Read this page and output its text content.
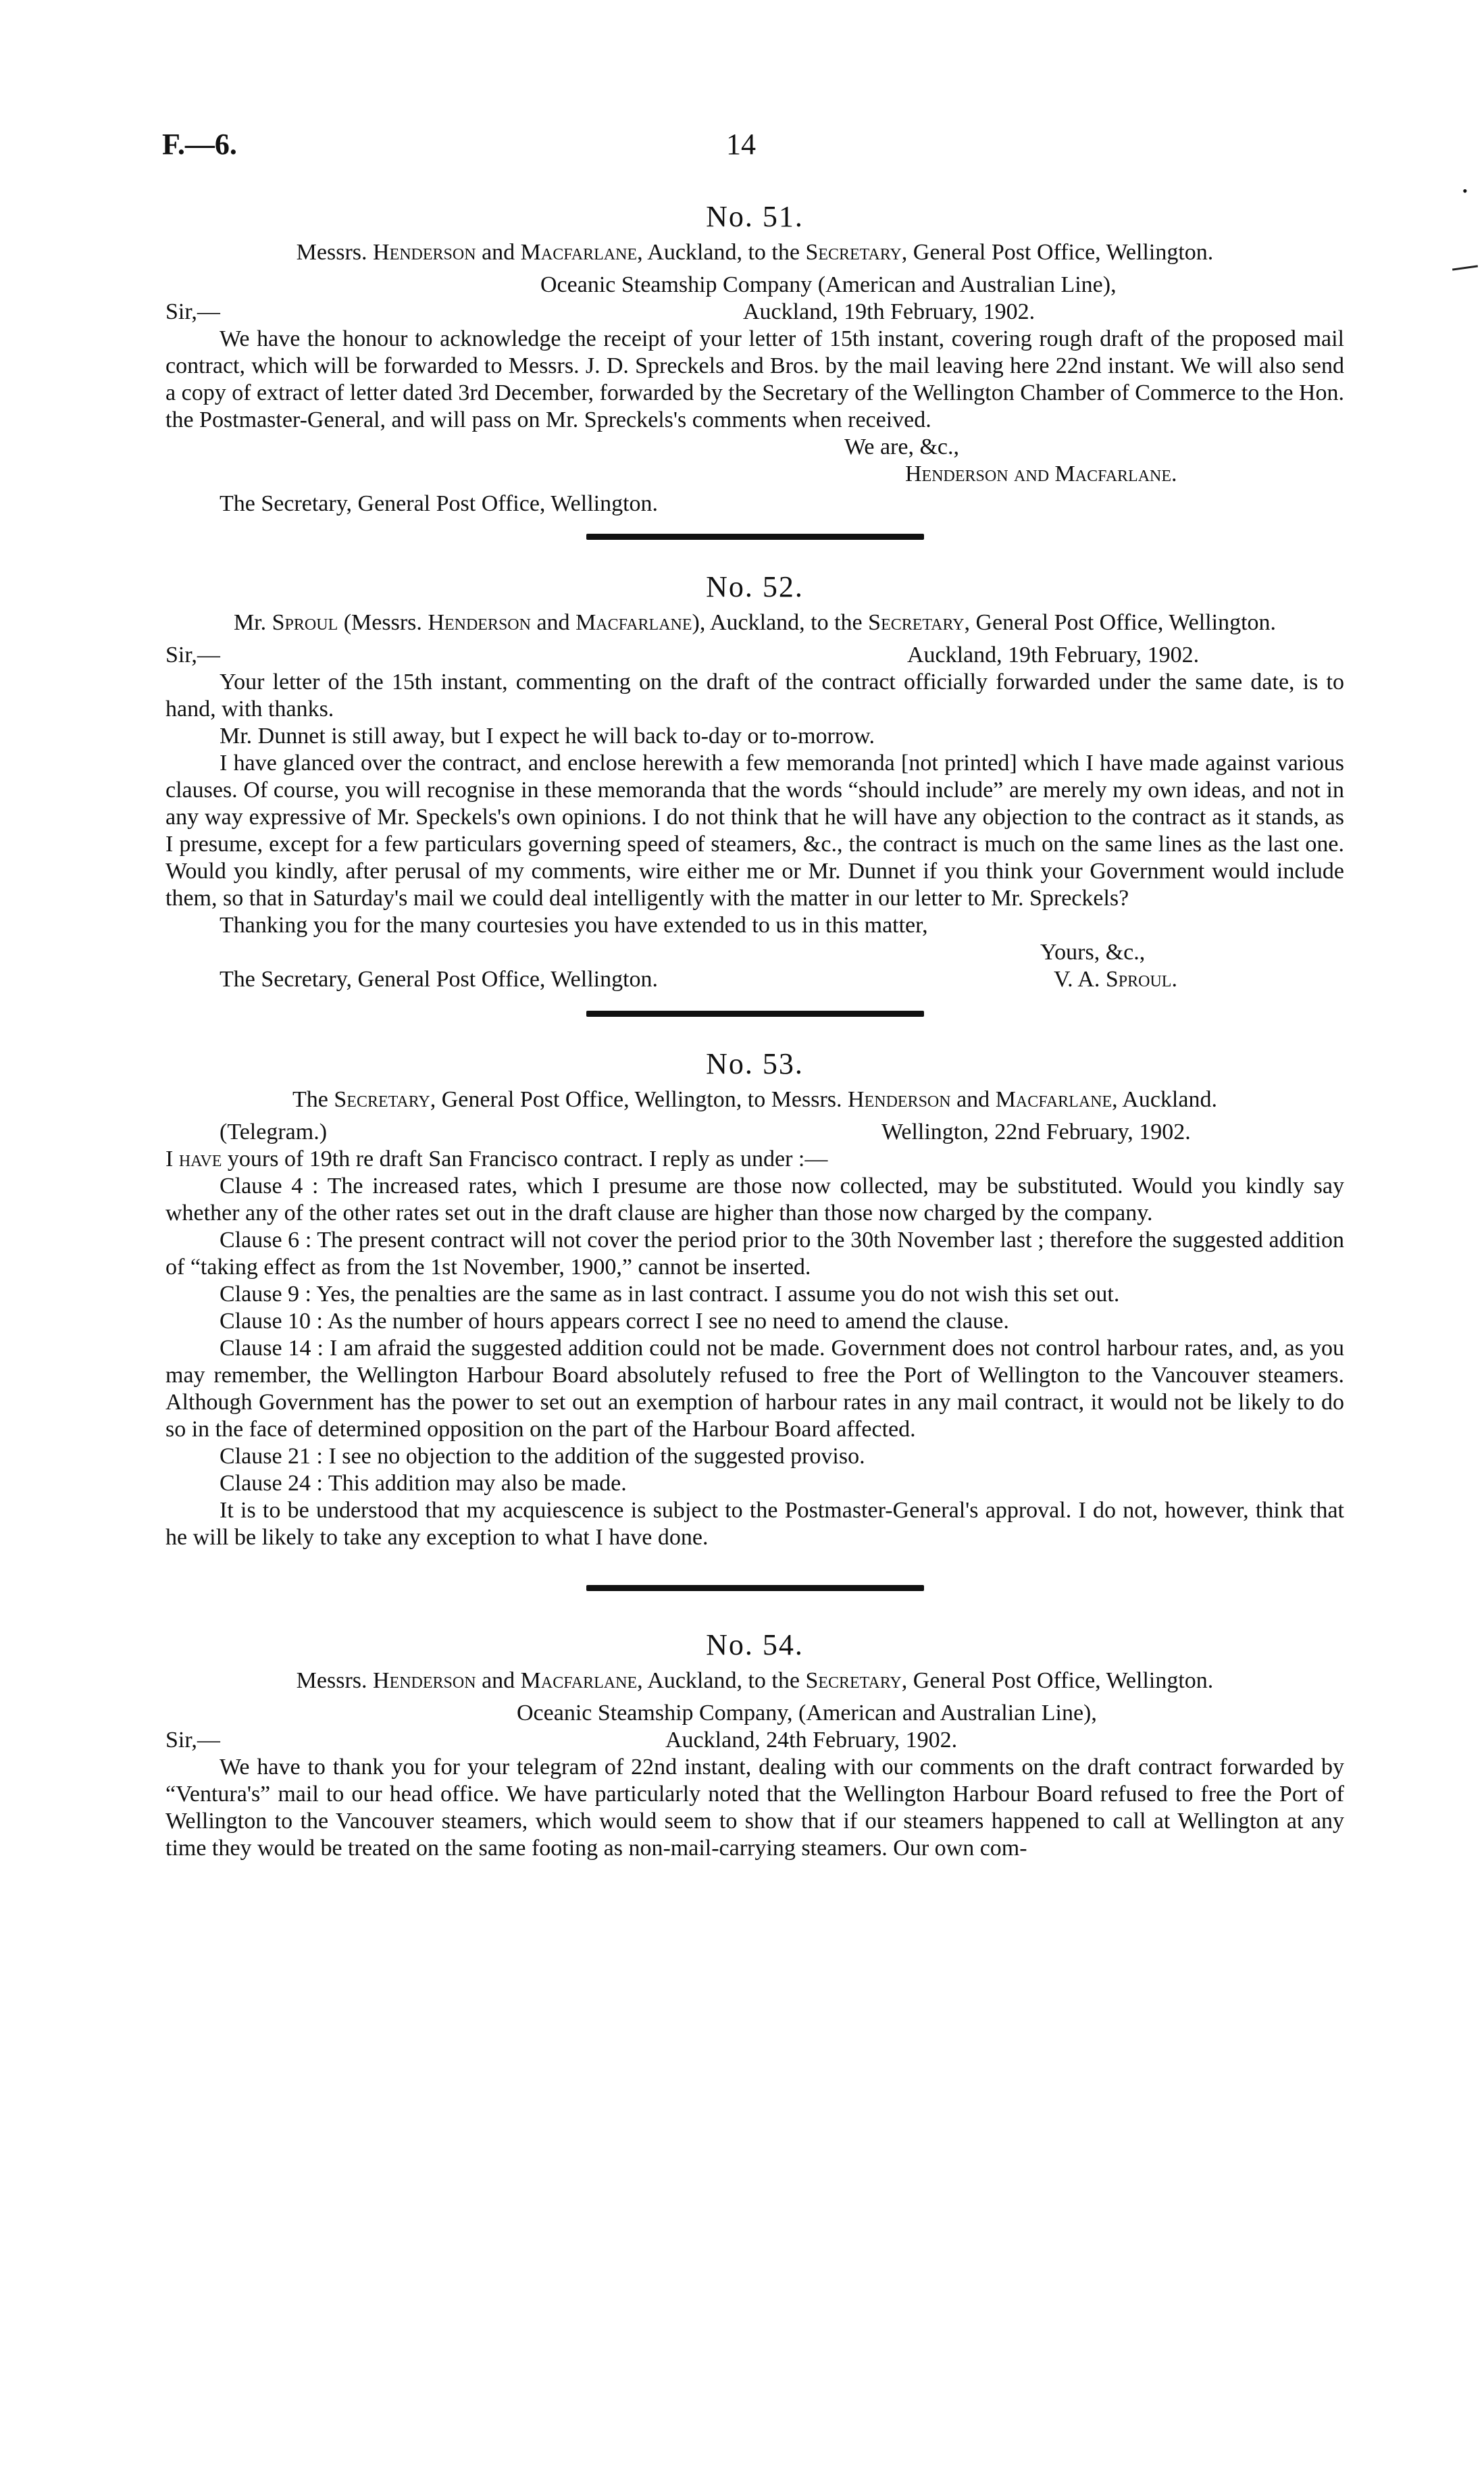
F.—6.	14
•

No. 51.

Messrs. Henderson and Macfarlane, Auckland, to the Secretary, General Post Office, Wellington.

Oceanic Steamship Company (American and Australian Line),
Sir,—	Auckland, 19th February, 1902.

We have the honour to acknowledge the receipt of your letter of 15th instant, covering rough draft of the proposed mail contract, which will be forwarded to Messrs. J. D. Spreckels and Bros. by the mail leaving here 22nd instant. We will also send a copy of extract of letter dated 3rd December, forwarded by the Secretary of the Wellington Chamber of Commerce to the Hon. the Postmaster-General, and will pass on Mr. Spreckels's comments when received.

We are, &c.,
Henderson and Macfarlane.
The Secretary, General Post Office, Wellington.

No. 52.

Mr. Sproul (Messrs. Henderson and Macfarlane), Auckland, to the Secretary, General Post Office, Wellington.

Sir,—	Auckland, 19th February, 1902.

Your letter of the 15th instant, commenting on the draft of the contract officially forwarded under the same date, is to hand, with thanks.

Mr. Dunnet is still away, but I expect he will back to-day or to-morrow.

I have glanced over the contract, and enclose herewith a few memoranda [not printed] which I have made against various clauses. Of course, you will recognise in these memoranda that the words “should include” are merely my own ideas, and not in any way expressive of Mr. Speckels's own opinions. I do not think that he will have any objection to the contract as it stands, as I presume, except for a few particulars governing speed of steamers, &c., the contract is much on the same lines as the last one. Would you kindly, after perusal of my comments, wire either me or Mr. Dunnet if you think your Government would include them, so that in Saturday's mail we could deal intelligently with the matter in our letter to Mr. Spreckels?

Thanking you for the many courtesies you have extended to us in this matter,

Yours, &c.,
The Secretary, General Post Office, Wellington.	V. A. Sproul.

No. 53.

The Secretary, General Post Office, Wellington, to Messrs. Henderson and Macfarlane, Auckland.

(Telegram.)	Wellington, 22nd February, 1902.

I have yours of 19th re draft San Francisco contract. I reply as under :—

Clause 4 : The increased rates, which I presume are those now collected, may be substituted. Would you kindly say whether any of the other rates set out in the draft clause are higher than those now charged by the company.

Clause 6 : The present contract will not cover the period prior to the 30th November last ; therefore the suggested addition of “taking effect as from the 1st November, 1900,” cannot be inserted.

Clause 9 : Yes, the penalties are the same as in last contract. I assume you do not wish this set out.

Clause 10 : As the number of hours appears correct I see no need to amend the clause.

Clause 14 : I am afraid the suggested addition could not be made. Government does not control harbour rates, and, as you may remember, the Wellington Harbour Board absolutely refused to free the Port of Wellington to the Vancouver steamers. Although Government has the power to set out an exemption of harbour rates in any mail contract, it would not be likely to do so in the face of determined opposition on the part of the Harbour Board affected.

Clause 21 : I see no objection to the addition of the suggested proviso.

Clause 24 : This addition may also be made.

It is to be understood that my acquiescence is subject to the Postmaster-General's approval. I do not, however, think that he will be likely to take any exception to what I have done.

No. 54.

Messrs. Henderson and Macfarlane, Auckland, to the Secretary, General Post Office, Wellington.

Oceanic Steamship Company, (American and Australian Line),
Sir,—	Auckland, 24th February, 1902.

We have to thank you for your telegram of 22nd instant, dealing with our comments on the draft contract forwarded by “Ventura's” mail to our head office. We have particularly noted that the Wellington Harbour Board refused to free the Port of Wellington to the Vancouver steamers, which would seem to show that if our steamers happened to call at Wellington at any time they would be treated on the same footing as non-mail-carrying steamers. Our own com-
